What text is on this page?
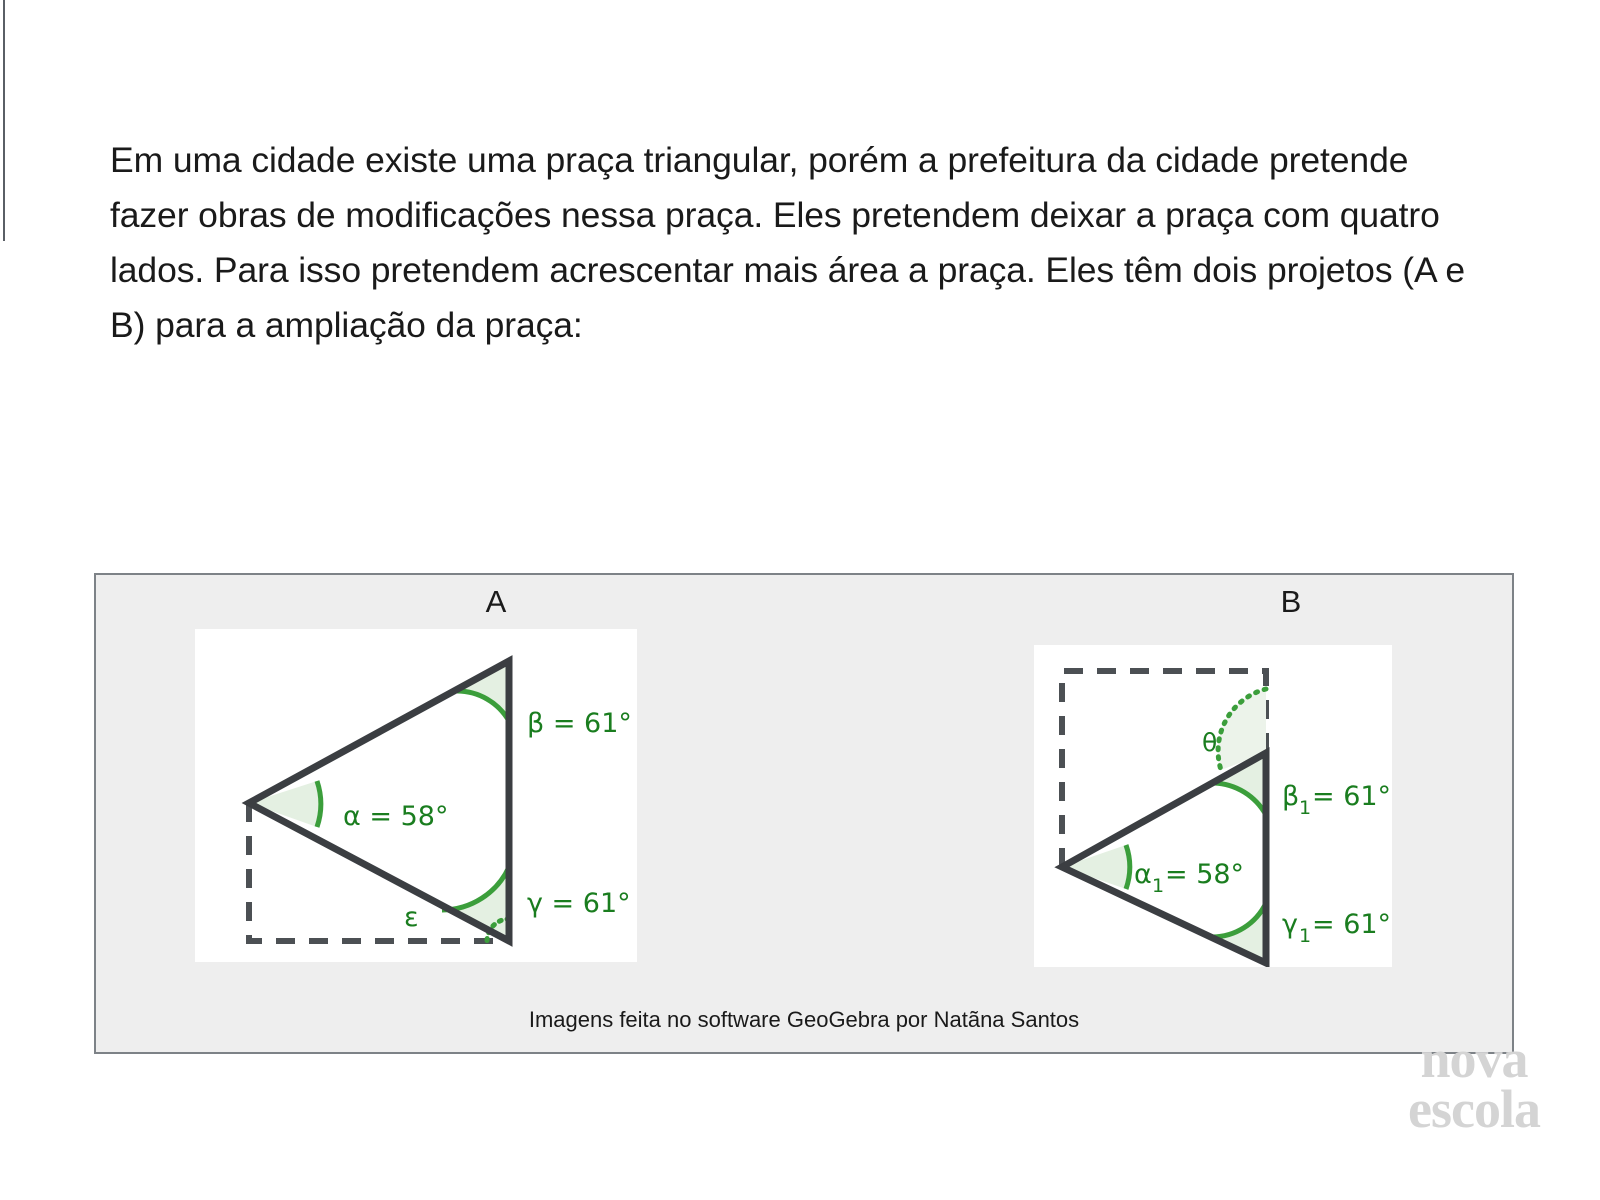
Em uma cidade existe uma praça triangular, porém a prefeitura da cidade pretende fazer obras de modificações nessa praça. Eles pretendem deixar a praça com quatro lados. Para isso pretendem acrescentar mais área a praça. Eles têm dois projetos (A e B) para a ampliação da praça:
A	B
β = 61°
α = 58°
γ = 61°
ε
θ
β 1 = 61°
α 1 = 58°
γ 1 = 61°
Imagens feita no software GeoGebra por Natãna Santos
nova
escola
